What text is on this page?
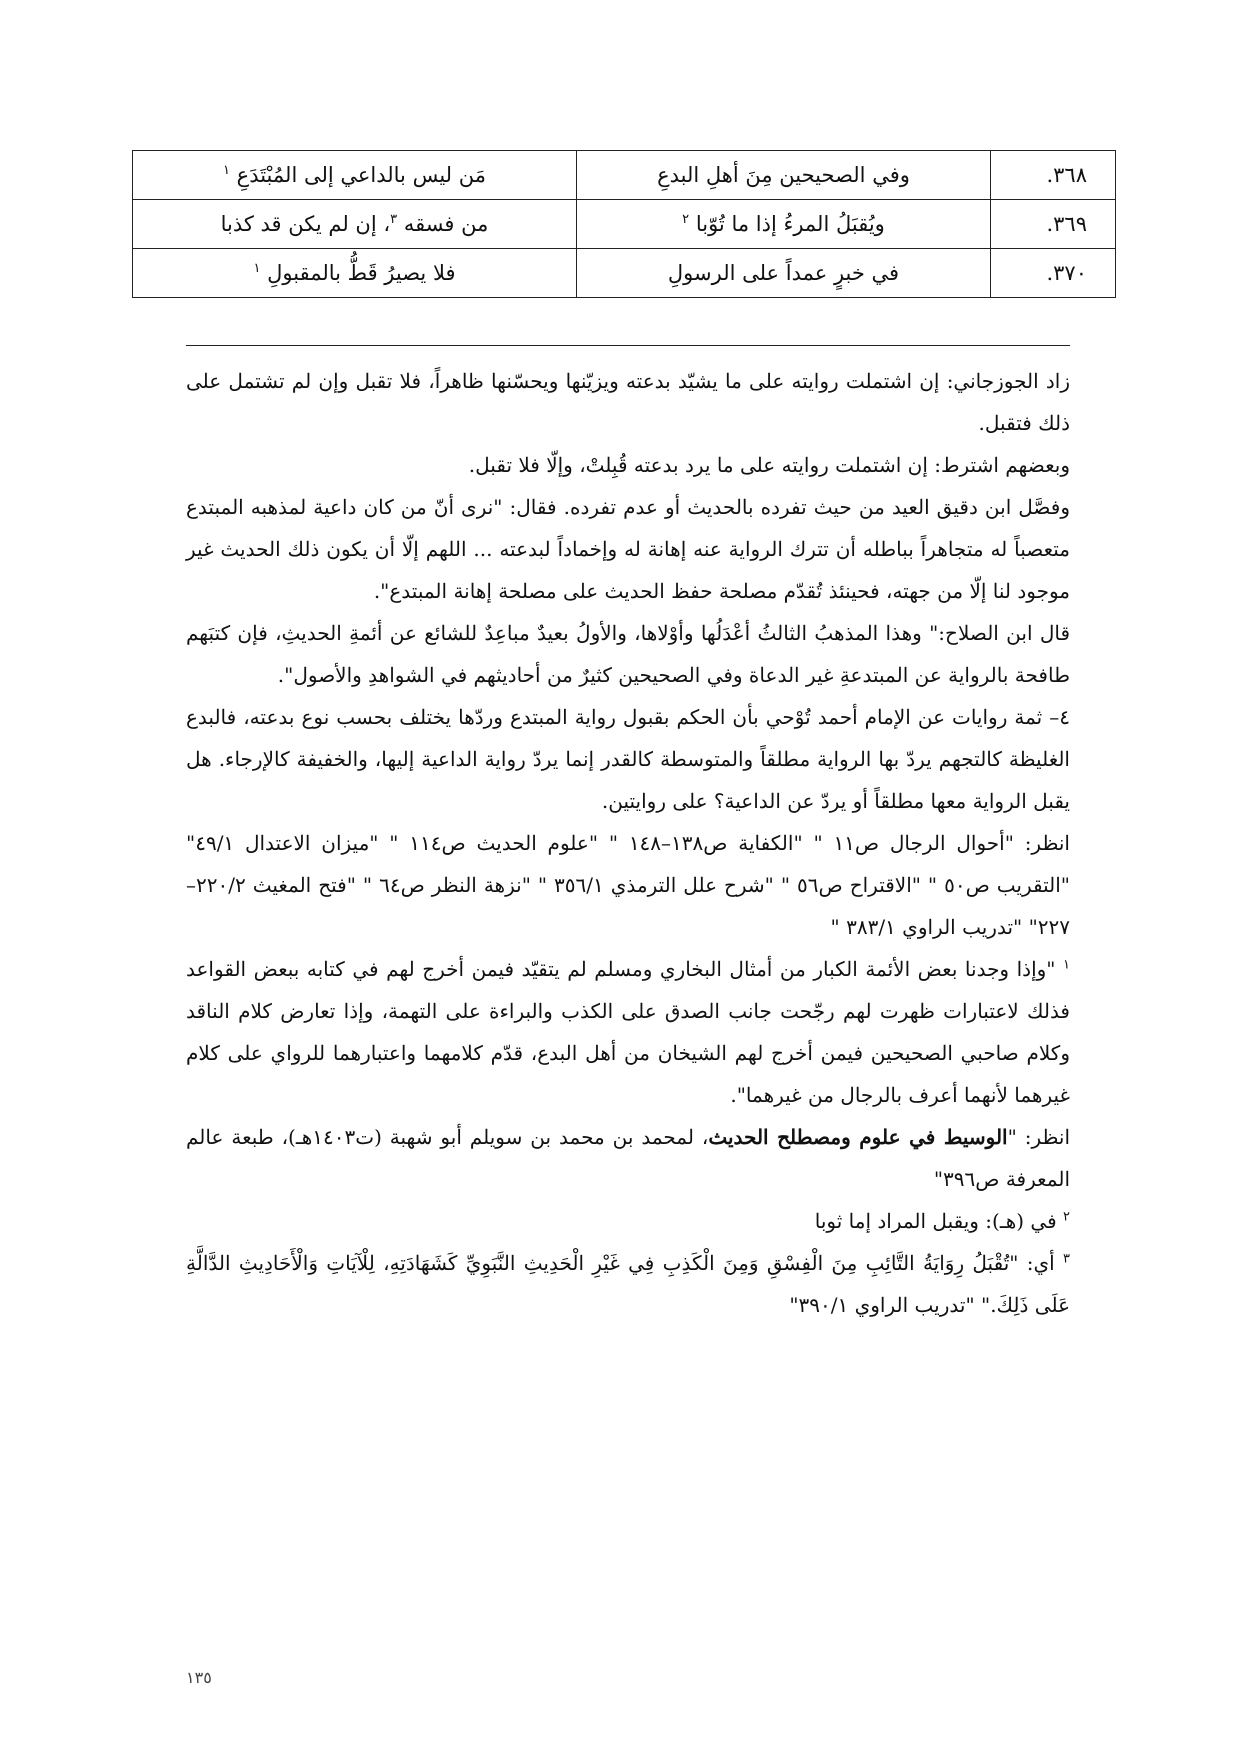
٣٦٨.	وفي الصحيحين مِنَ أهلِ البدعِ	مَن ليس بالداعي إلى المُبْتَدَعِ $^١$
٣٦٩.	ويُقبَلُ المرءُ إذا ما تُوّبا $^٢$	من فسقه $^٣$، إن لم يكن قد كذبا
٣٧٠.	في خبرٍ عمداً على الرسولِ	فلا يصيرُ قَطُّ بالمقبولِ $^١$

زاد الجوزجاني: إن اشتملت روايته على ما يشيّد بدعته ويزيّنها ويحسّنها ظاهراً، فلا تقبل وإن لم تشتمل على ذلك فتقبل.

وبعضهم اشترط: إن اشتملت روايته على ما يرد بدعته قُبِلتْ، وإلّا فلا تقبل.

وفصَّل ابن دقيق العيد من حيث تفرده بالحديث أو عدم تفرده. فقال: "نرى أنّ من كان داعية لمذهبه المبتدع متعصباً له متجاهراً بباطله أن تترك الرواية عنه إهانة له وإخماداً لبدعته ... اللهم إلّا أن يكون ذلك الحديث غير موجود لنا إلّا من جهته، فحينئذ تُقدّم مصلحة حفظ الحديث على مصلحة إهانة المبتدع".

قال ابن الصلاح:" وهذا المذهبُ الثالثُ أعْدَلُها وأوْلاها، والأولُ بعيدٌ مباعِدٌ للشائع عن أئمةِ الحديثِ، فإن كتبَهم طافحة بالرواية عن المبتدعةِ غير الدعاة وفي الصحيحين كثيرٌ من أحاديثهم في الشواهدِ والأصول".

٤– ثمة روايات عن الإمام أحمد تُوْحي بأن الحكم بقبول رواية المبتدع وردّها يختلف بحسب نوع بدعته، فالبدع الغليظة كالتجهم يردّ بها الرواية مطلقاً والمتوسطة كالقدر إنما يردّ رواية الداعية إليها، والخفيفة كالإرجاء. هل يقبل الرواية معها مطلقاً أو يردّ عن الداعية؟ على روايتين.

انظر: "أحوال الرجال ص١١ " "الكفاية ص١٣٨–١٤٨ " "علوم الحديث ص١١٤ " "ميزان الاعتدال ٤٩/١" "التقريب ص٥٠ " "الاقتراح ص٥٦ " "شرح علل الترمذي ٣٥٦/١ " "نزهة النظر ص٦٤ " "فتح المغيث ٢٢٠/٢–٢٢٧" "تدريب الراوي ٣٨٣/١ "

$^١$ "وإذا وجدنا بعض الأئمة الكبار من أمثال البخاري ومسلم لم يتقيّد فيمن أخرج لهم في كتابه ببعض القواعد فذلك لاعتبارات ظهرت لهم رجّحت جانب الصدق على الكذب والبراءة على التهمة، وإذا تعارض كلام الناقد وكلام صاحبي الصحيحين فيمن أخرج لهم الشيخان من أهل البدع، قدّم كلامهما واعتبارهما للرواي على كلام غيرهما لأنهما أعرف بالرجال من غيرهما".

انظر: "الوسيط في علوم ومصطلح الحديث، لمحمد بن محمد بن سويلم أبو شهبة (ت١٤٠٣هـ)، طبعة عالم المعرفة ص٣٩٦"

$^٢$ في (هـ): ويقبل المراد إما ثوبا

$^٣$ أي: "تُقْبَلُ رِوَايَةُ التَّائِبِ مِنَ الْفِسْقِ وَمِنَ الْكَذِبِ فِي غَيْرِ الْحَدِيثِ النَّبَوِيِّ كَشَهَادَتِهِ، لِلْآيَاتِ وَالْأَحَادِيثِ الدَّالَّةِ عَلَى ذَلِكَ." "تدريب الراوي ٣٩٠/١"

١٣٥
